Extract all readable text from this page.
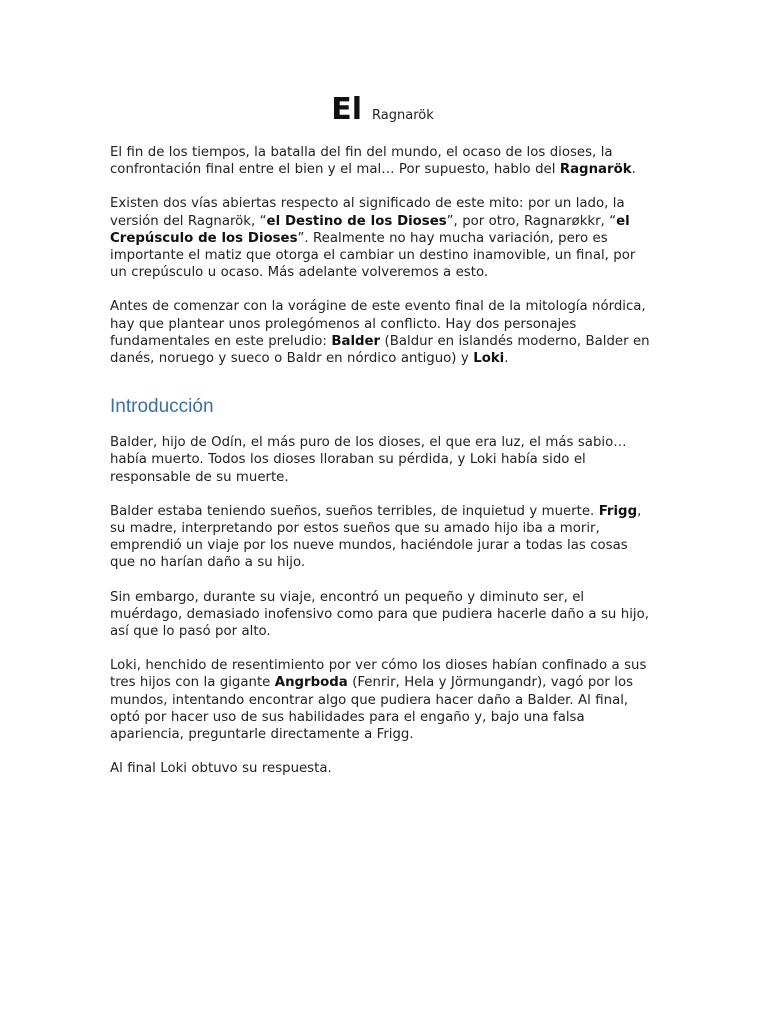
El Ragnarök

El fin de los tiempos, la batalla del fin del mundo, el ocaso de los dioses, la confrontación final entre el bien y el mal… Por supuesto, hablo del Ragnarök.

Existen dos vías abiertas respecto al significado de este mito: por un lado, la versión del Ragnarök, “el Destino de los Dioses”, por otro, Ragnarøkkr, “el Crepúsculo de los Dioses”. Realmente no hay mucha variación, pero es importante el matiz que otorga el cambiar un destino inamovible, un final, por un crepúsculo u ocaso. Más adelante volveremos a esto.

Antes de comenzar con la vorágine de este evento final de la mitología nórdica, hay que plantear unos prolegómenos al conflicto. Hay dos personajes fundamentales en este preludio: Balder (Baldur en islandés moderno, Balder en danés, noruego y sueco o Baldr en nórdico antiguo) y Loki.

Introducción

Balder, hijo de Odín, el más puro de los dioses, el que era luz, el más sabio… había muerto. Todos los dioses lloraban su pérdida, y Loki había sido el responsable de su muerte.

Balder estaba teniendo sueños, sueños terribles, de inquietud y muerte. Frigg, su madre, interpretando por estos sueños que su amado hijo iba a morir, emprendió un viaje por los nueve mundos, haciéndole jurar a todas las cosas que no harían daño a su hijo.

Sin embargo, durante su viaje, encontró un pequeño y diminuto ser, el muérdago, demasiado inofensivo como para que pudiera hacerle daño a su hijo, así que lo pasó por alto.

Loki, henchido de resentimiento por ver cómo los dioses habían confinado a sus tres hijos con la gigante Angrboda (Fenrir, Hela y Jörmungandr), vagó por los mundos, intentando encontrar algo que pudiera hacer daño a Balder. Al final, optó por hacer uso de sus habilidades para el engaño y, bajo una falsa apariencia, preguntarle directamente a Frigg.

Al final Loki obtuvo su respuesta.
